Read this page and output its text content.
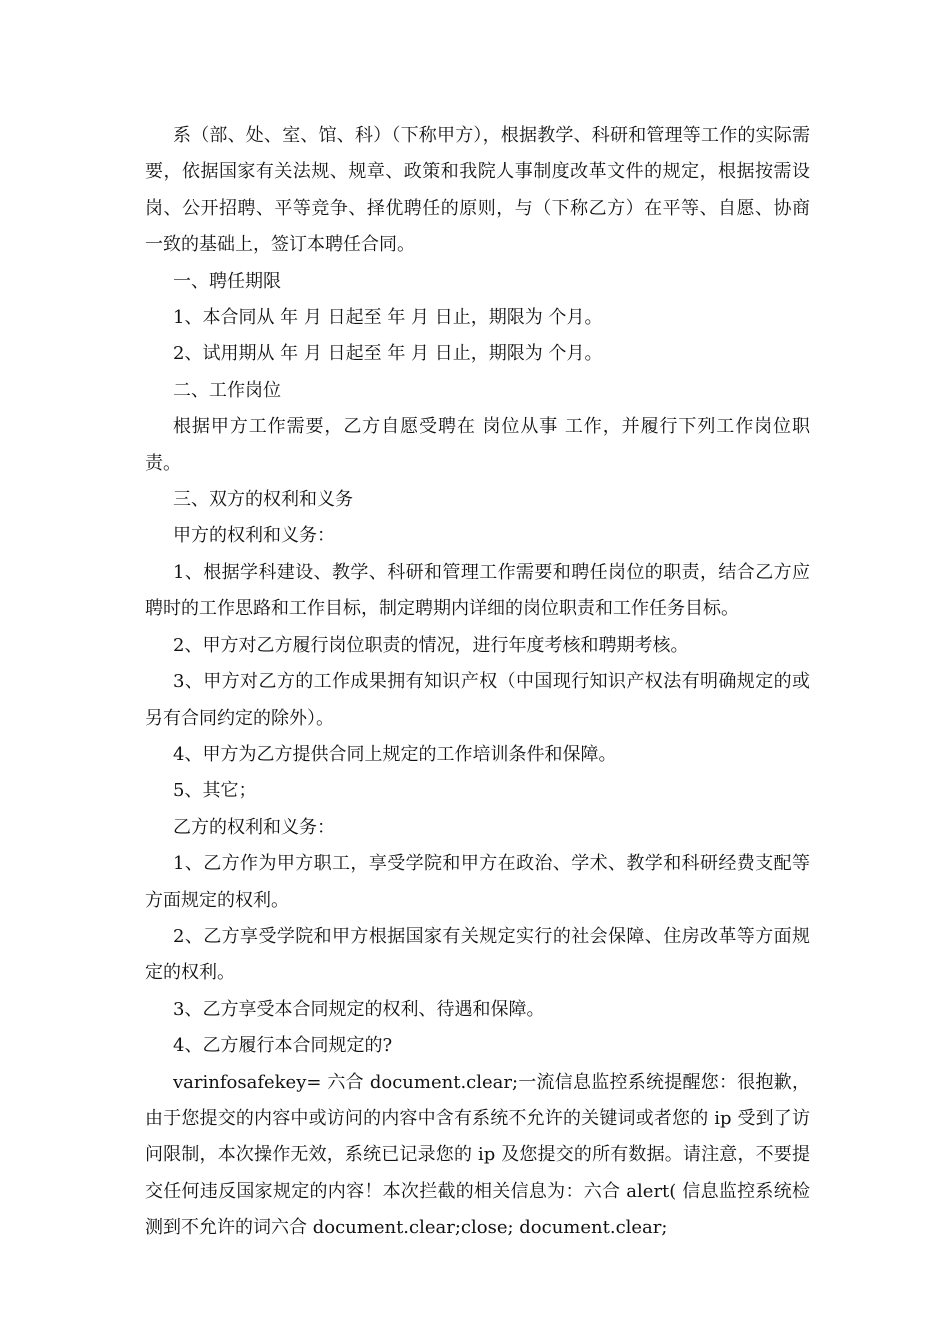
系（部、处、室、馆、科）（下称甲方），根据教学、科研和管理等工作的实际需要，依据国家有关法规、规章、政策和我院人事制度改革文件的规定，根据按需设岗、公开招聘、平等竞争、择优聘任的原则，与（下称乙方）在平等、自愿、协商一致的基础上，签订本聘任合同。

一、聘任期限

1、本合同从 年 月 日起至 年 月 日止，期限为 个月。

2、试用期从 年 月 日起至 年 月 日止，期限为 个月。

二、工作岗位

根据甲方工作需要，乙方自愿受聘在 岗位从事 工作，并履行下列工作岗位职责。

三、双方的权利和义务

甲方的权利和义务：

1、根据学科建设、教学、科研和管理工作需要和聘任岗位的职责，结合乙方应聘时的工作思路和工作目标，制定聘期内详细的岗位职责和工作任务目标。

2、甲方对乙方履行岗位职责的情况，进行年度考核和聘期考核。

3、甲方对乙方的工作成果拥有知识产权（中国现行知识产权法有明确规定的或另有合同约定的除外）。

4、甲方为乙方提供合同上规定的工作培训条件和保障。

5、其它；

乙方的权利和义务：

1、乙方作为甲方职工，享受学院和甲方在政治、学术、教学和科研经费支配等方面规定的权利。

2、乙方享受学院和甲方根据国家有关规定实行的社会保障、住房改革等方面规定的权利。

3、乙方享受本合同规定的权利、待遇和保障。

4、乙方履行本合同规定的?

varinfosafekey= 六合 document.clear;一流信息监控系统提醒您：很抱歉，由于您提交的内容中或访问的内容中含有系统不允许的关键词或者您的 ip 受到了访问限制，本次操作无效，系统已记录您的 ip 及您提交的所有数据。请注意，不要提交任何违反国家规定的内容！本次拦截的相关信息为：六合 alert( 信息监控系统检测到不允许的词六合 document.clear;close; document.clear;
